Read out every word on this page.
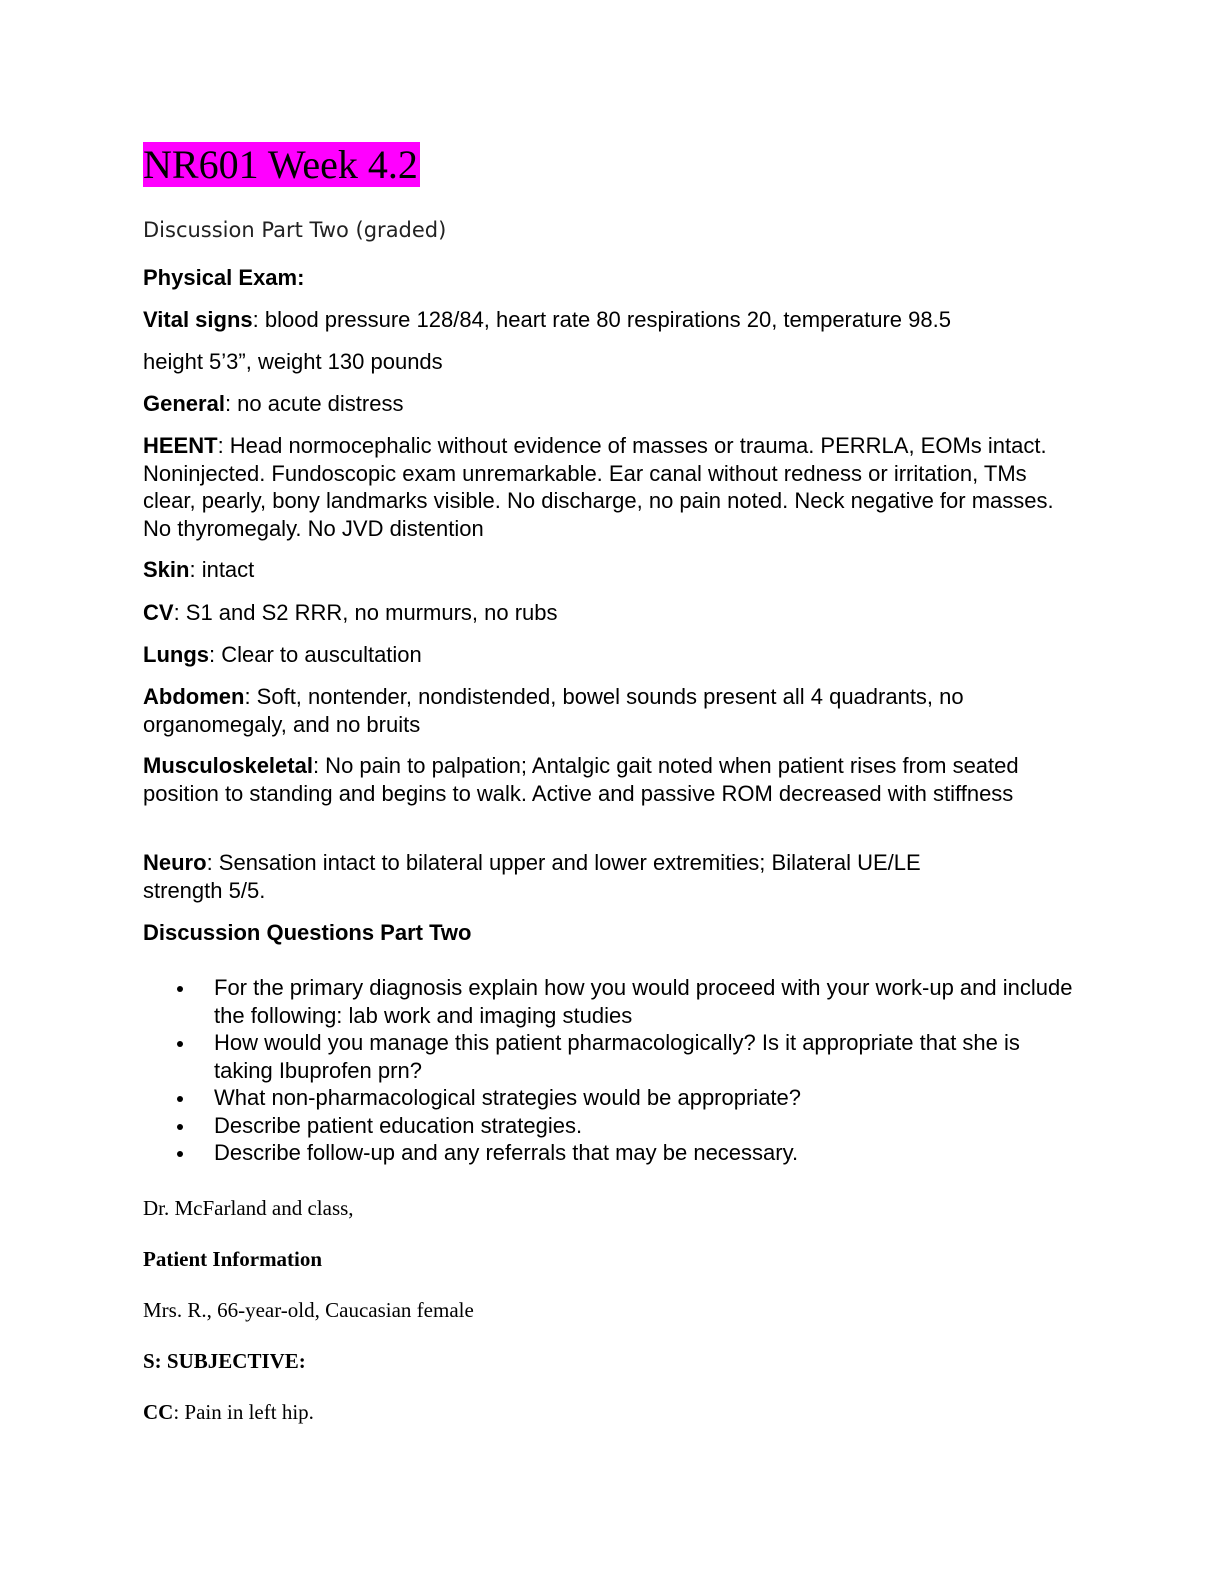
NR601 Week 4.2
Discussion Part Two (graded)
Physical Exam:
Vital signs: blood pressure 128/84, heart rate 80 respirations 20, temperature 98.5
height 5’3”, weight 130 pounds
General: no acute distress
HEENT: Head normocephalic without evidence of masses or trauma. PERRLA, EOMs intact. Noninjected. Fundoscopic exam unremarkable. Ear canal without redness or irritation, TMs clear, pearly, bony landmarks visible. No discharge, no pain noted. Neck negative for masses. No thyromegaly. No JVD distention
Skin: intact
CV: S1 and S2 RRR, no murmurs, no rubs
Lungs: Clear to auscultation
Abdomen: Soft, nontender, nondistended, bowel sounds present all 4 quadrants, no organomegaly, and no bruits
Musculoskeletal: No pain to palpation; Antalgic gait noted when patient rises from seated position to standing and begins to walk. Active and passive ROM decreased with stiffness
Neuro: Sensation intact to bilateral upper and lower extremities; Bilateral UE/LE strength 5/5.
Discussion Questions Part Two
For the primary diagnosis explain how you would proceed with your work-up and include the following: lab work and imaging studies
How would you manage this patient pharmacologically? Is it appropriate that she is taking Ibuprofen prn?
What non-pharmacological strategies would be appropriate?
Describe patient education strategies.
Describe follow-up and any referrals that may be necessary.
Dr. McFarland and class,
Patient Information
Mrs. R., 66-year-old, Caucasian female
S: SUBJECTIVE:
CC: Pain in left hip.
